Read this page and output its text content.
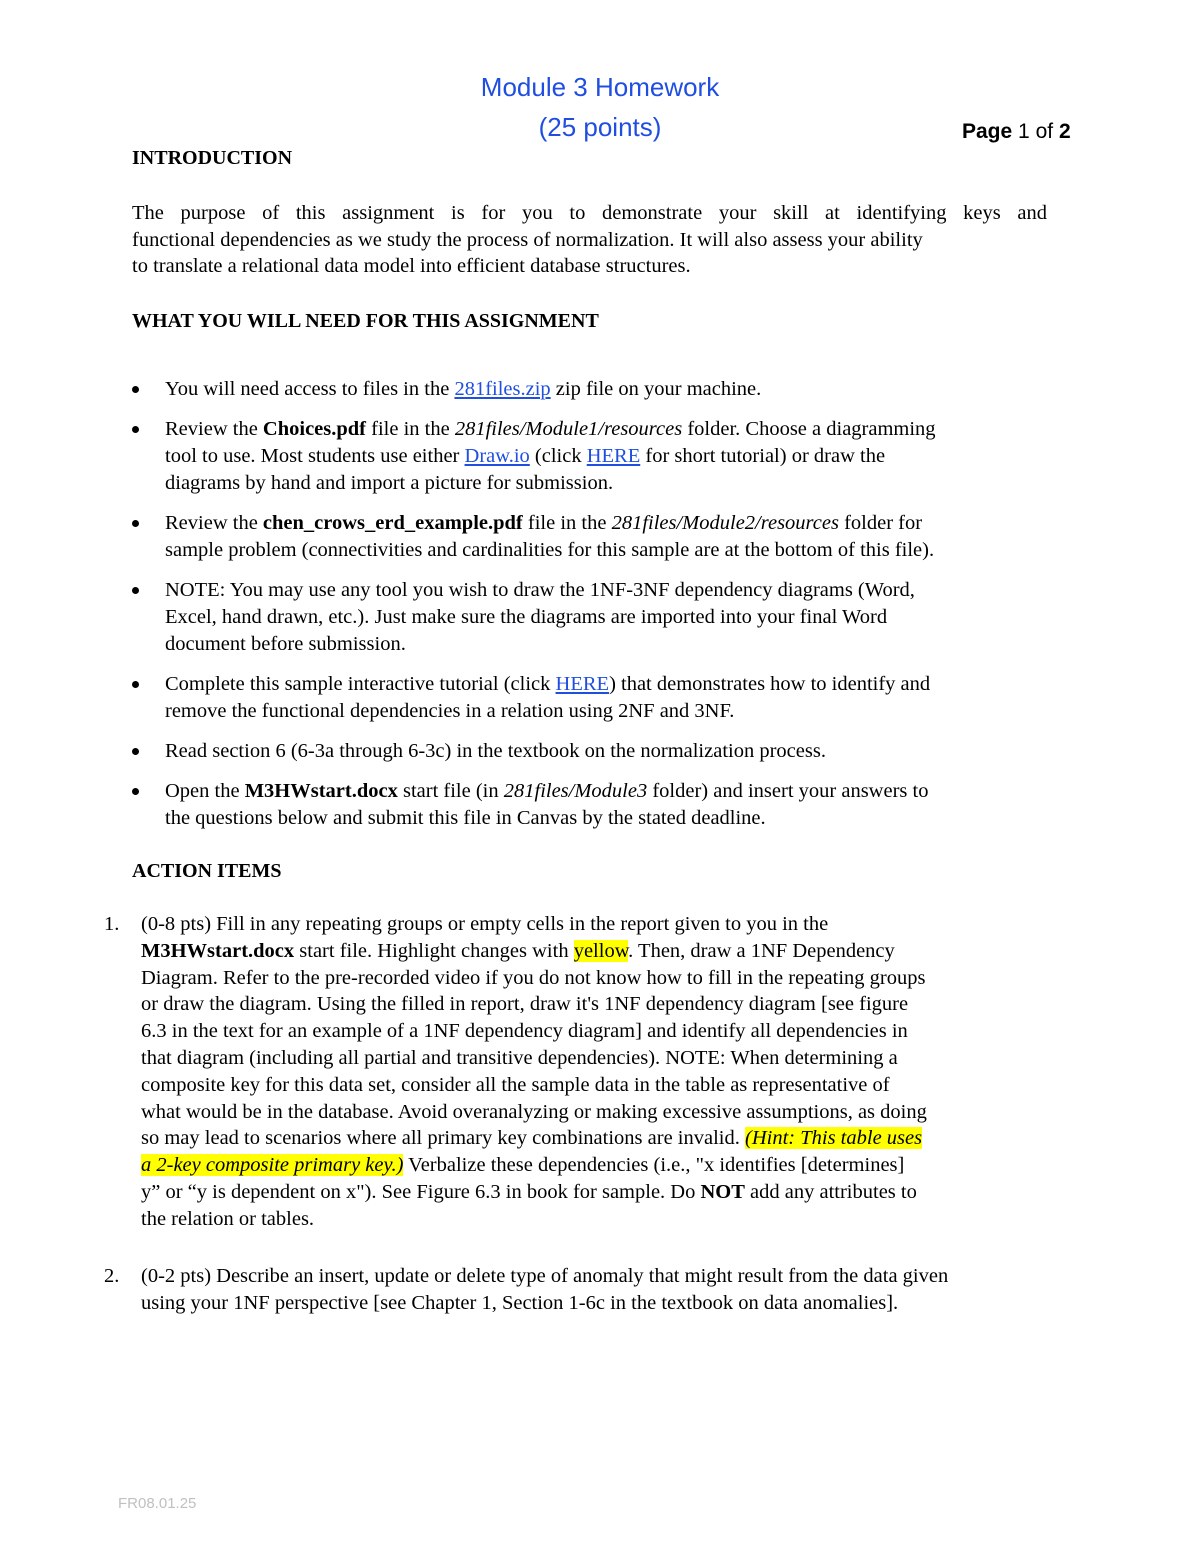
Module 3 Homework
(25 points)	Page 1 of 2
INTRODUCTION
The purpose of this assignment is for you to demonstrate your skill at identifying keys and
functional dependencies as we study the process of normalization. It will also assess your ability
to translate a relational data model into efficient database structures.
WHAT YOU WILL NEED FOR THIS ASSIGNMENT
You will need access to files in the 281files.zip zip file on your machine.
Review the Choices.pdf file in the 281files/Module1/resources folder. Choose a diagramming
tool to use. Most students use either Draw.io (click HERE for short tutorial) or draw the
diagrams by hand and import a picture for submission.
Review the chen_crows_erd_example.pdf file in the 281files/Module2/resources folder for
sample problem (connectivities and cardinalities for this sample are at the bottom of this file).
NOTE: You may use any tool you wish to draw the 1NF-3NF dependency diagrams (Word,
Excel, hand drawn, etc.). Just make sure the diagrams are imported into your final Word
document before submission.
Complete this sample interactive tutorial (click HERE) that demonstrates how to identify and
remove the functional dependencies in a relation using 2NF and 3NF.
Read section 6 (6-3a through 6-3c) in the textbook on the normalization process.
Open the M3HWstart.docx start file (in 281files/Module3 folder) and insert your answers to
the questions below and submit this file in Canvas by the stated deadline.
ACTION ITEMS
1. (0-8 pts) Fill in any repeating groups or empty cells in the report given to you in the
M3HWstart.docx start file. Highlight changes with yellow. Then, draw a 1NF Dependency
Diagram. Refer to the pre-recorded video if you do not know how to fill in the repeating groups
or draw the diagram. Using the filled in report, draw it's 1NF dependency diagram [see figure
6.3 in the text for an example of a 1NF dependency diagram] and identify all dependencies in
that diagram (including all partial and transitive dependencies). NOTE: When determining a
composite key for this data set, consider all the sample data in the table as representative of
what would be in the database. Avoid overanalyzing or making excessive assumptions, as doing
so may lead to scenarios where all primary key combinations are invalid. (Hint: This table uses
a 2-key composite primary key.) Verbalize these dependencies (i.e., "x identifies [determines]
y” or “y is dependent on x"). See Figure 6.3 in book for sample. Do NOT add any attributes to
the relation or tables.
2. (0-2 pts) Describe an insert, update or delete type of anomaly that might result from the data given
using your 1NF perspective [see Chapter 1, Section 1-6c in the textbook on data anomalies].
FR08.01.25
